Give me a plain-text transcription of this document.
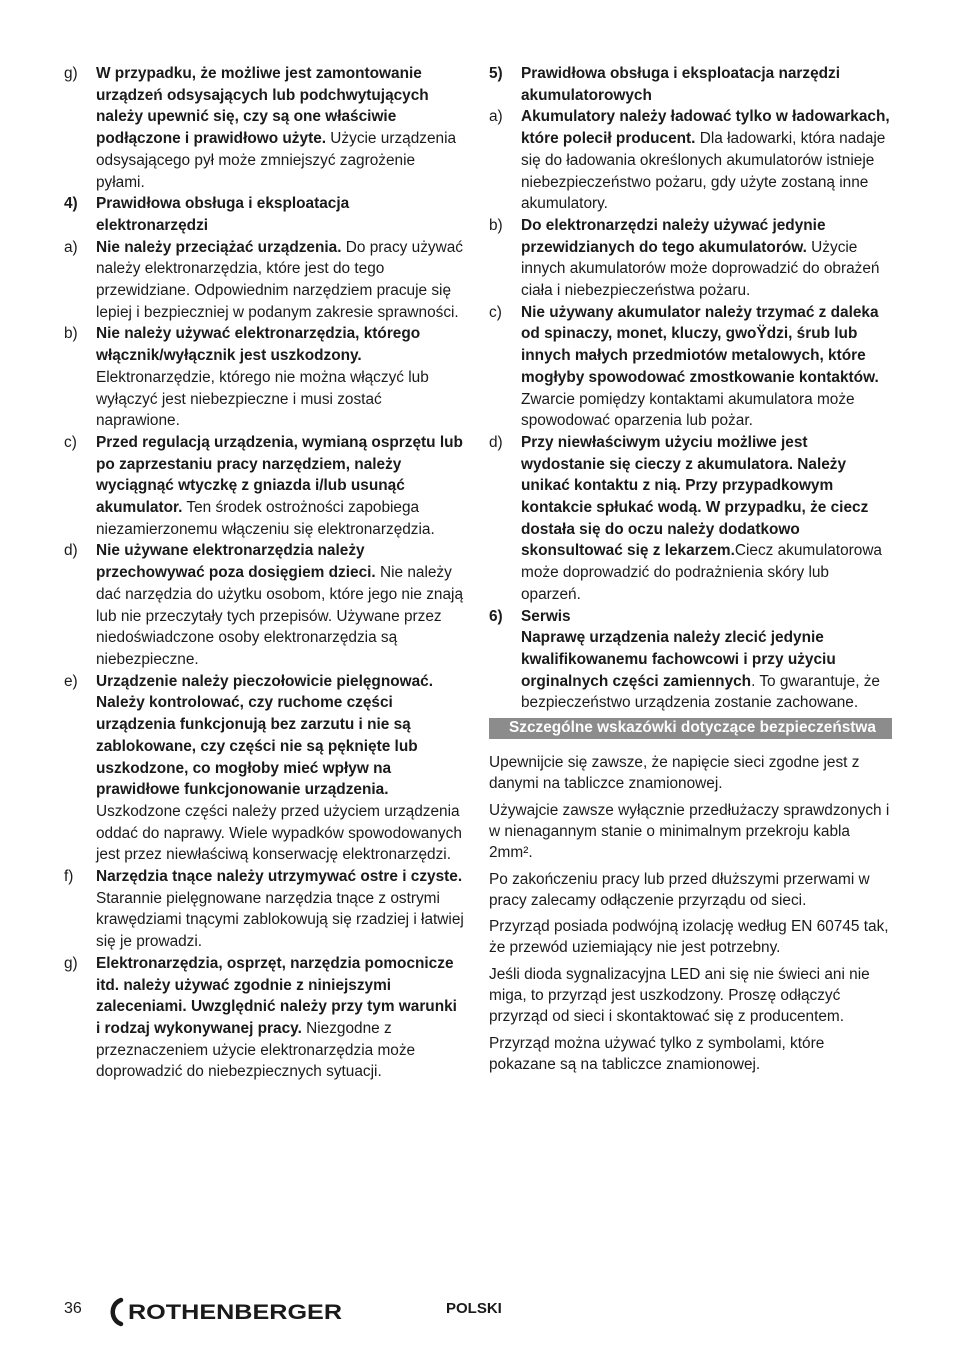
g)	W przypadku, że możliwe jest zamontowanie urządzeń odsysających lub podchwytujących należy upewnić się, czy są one właściwie podłączone i prawidłowo użyte. Użycie urządzenia odsysającego pył może zmniejszyć zagrożenie pyłami.
4)	Prawidłowa obsługa i eksploatacja elektronarzędzi
a)	Nie należy przeciążać urządzenia. Do pracy używać należy elektronarzędzia, które jest do tego przewidziane. Odpowiednim narzędziem pracuje się lepiej i bezpieczniej w podanym zakresie sprawności.
b)	Nie należy używać elektronarzędzia, którego włącznik/wyłącznik jest uszkodzony. Elektronarzędzie, którego nie można włączyć lub wyłączyć jest niebezpieczne i musi zostać naprawione.
c)	Przed regulacją urządzenia, wymianą osprzętu lub po zaprzestaniu pracy narzędziem, należy wyciągnąć wtyczkę z gniazda i/lub usunąć akumulator. Ten środek ostrożności zapobiega niezamierzonemu włączeniu się elektronarzędzia.
d)	Nie używane elektronarzędzia należy przechowywać poza dosięgiem dzieci. Nie należy dać narzędzia do użytku osobom, które jego nie znają lub nie przeczytały tych przepisów. Używane przez niedoświadczone osoby elektronarzędzia są niebezpieczne.
e)	Urządzenie należy pieczołowicie pielęgnować. Należy kontrolować, czy ruchome części urządzenia funkcjonują bez zarzutu i nie są zablokowane, czy części nie są pęknięte lub uszkodzone, co mogłoby mieć wpływ na prawidłowe funkcjonowanie urządzenia. Uszkodzone części należy przed użyciem urządzenia oddać do naprawy. Wiele wypadków spowodowanych jest przez niewłaściwą konserwację elektronarzędzi.
f)	Narzędzia tnące należy utrzymywać ostre i czyste. Starannie pielęgnowane narzędzia tnące z ostrymi krawędziami tnącymi zablokowują się rzadziej i łatwiej się je prowadzi.
g)	Elektronarzędzia, osprzęt, narzędzia pomocnicze itd. należy używać zgodnie z niniejszymi zaleceniami. Uwzględnić należy przy tym warunki i rodzaj wykonywanej pracy. Niezgodne z przeznaczeniem użycie elektronarzędzia może doprowadzić do niebezpiecznych sytuacji.
5)	Prawidłowa obsługa i eksploatacja narzędzi akumulatorowych
a)	Akumulatory należy ładować tylko w ładowarkach, które polecił producent. Dla ładowarki, która nadaje się do ładowania określonych akumulatorów istnieje niebezpieczeństwo pożaru, gdy użyte zostaną inne akumulatory.
b)	Do elektronarzędzi należy używać jedynie przewidzianych do tego akumulatorów. Użycie innych akumulatorów może doprowadzić do obrażeń ciała i niebezpieczeństwa pożaru.
c)	Nie używany akumulator należy trzymać z daleka od spinaczy, monet, kluczy, gwoŸdzi, śrub lub innych małych przedmiotów metalowych, które mogłyby spowodować zmostkowanie kontaktów. Zwarcie pomiędzy kontaktami akumulatora może spowodować oparzenia lub pożar.
d)	Przy niewłaściwym użyciu możliwe jest wydostanie się cieczy z akumulatora. Należy unikać kontaktu z nią. Przy przypadkowym kontakcie spłukać wodą. W przypadku, że ciecz dostała się do oczu należy dodatkowo skonsultować się z lekarzem.Ciecz akumulatorowa może doprowadzić do podrażnienia skóry lub oparzeń.
6)	Serwis
Naprawę urządzenia należy zlecić jedynie kwalifikowanemu fachowcowi i przy użyciu orginalnych części zamiennych. To gwarantuje, że bezpieczeństwo urządzenia zostanie zachowane.
Szczególne wskazówki dotyczące bezpieczeństwa
Upewnijcie się zawsze, że napięcie sieci zgodne jest z danymi na tabliczce znamionowej.
Używajcie zawsze wyłącznie przedłużaczy sprawdzonych i w nienagannym stanie o minimalnym przekroju kabla 2mm².
Po zakończeniu pracy lub przed dłuższymi przerwami w pracy zalecamy odłączenie przyrządu od sieci.
Przyrząd posiada podwójną izolację według EN 60745 tak, że przewód uziemiający nie jest potrzebny.
Jeśli dioda sygnalizacyjna LED ani się nie świeci ani nie miga, to przyrząd jest uszkodzony. Proszę odłączyć przyrząd od sieci i skontaktować się z producentem.
Przyrząd można używać tylko z symbolami, które pokazane są na tabliczce znamionowej.
36 ROTHENBERGER	POLSKI
